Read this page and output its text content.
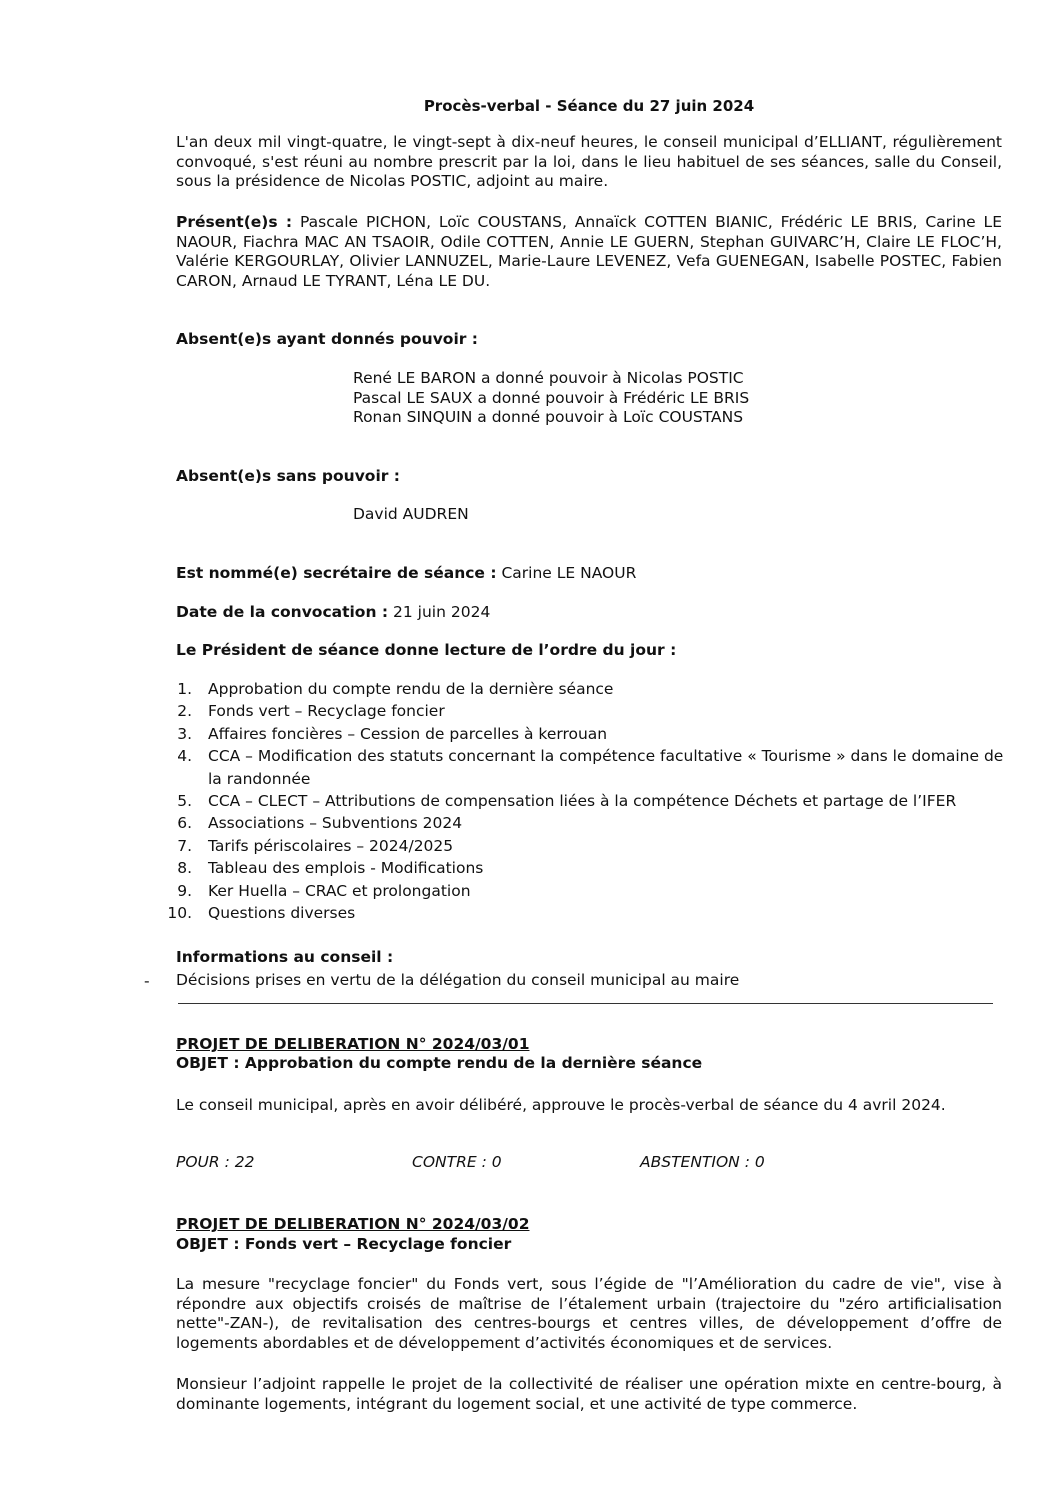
Procès-verbal - Séance du 27 juin 2024
L'an deux mil vingt-quatre, le vingt-sept à dix-neuf heures, le conseil municipal d’ELLIANT, régulièrement convoqué, s'est réuni au nombre prescrit par la loi, dans le lieu habituel de ses séances, salle du Conseil, sous la présidence de Nicolas POSTIC, adjoint au maire.
Présent(e)s : Pascale PICHON, Loïc COUSTANS, Annaïck COTTEN BIANIC, Frédéric LE BRIS, Carine LE NAOUR, Fiachra MAC AN TSAOIR, Odile COTTEN, Annie LE GUERN, Stephan GUIVARC’H, Claire LE FLOC’H, Valérie KERGOURLAY, Olivier LANNUZEL, Marie-Laure LEVENEZ, Vefa GUENEGAN, Isabelle POSTEC, Fabien CARON, Arnaud LE TYRANT, Léna LE DU.
Absent(e)s ayant donnés pouvoir :
René LE BARON a donné pouvoir à Nicolas POSTIC
Pascal LE SAUX a donné pouvoir à Frédéric LE BRIS
Ronan SINQUIN a donné pouvoir à Loïc COUSTANS
Absent(e)s sans pouvoir :
David AUDREN
Est nommé(e) secrétaire de séance : Carine LE NAOUR
Date de la convocation : 21 juin 2024
Le Président de séance donne lecture de l’ordre du jour :
1. Approbation du compte rendu de la dernière séance
2. Fonds vert – Recyclage foncier
3. Affaires foncières – Cession de parcelles à kerrouan
4. CCA – Modification des statuts concernant la compétence facultative « Tourisme » dans le domaine de la randonnée
5. CCA – CLECT – Attributions de compensation liées à la compétence Déchets et partage de l’IFER
6. Associations – Subventions 2024
7. Tarifs périscolaires – 2024/2025
8. Tableau des emplois - Modifications
9. Ker Huella – CRAC et prolongation
10. Questions diverses
Informations au conseil :
- Décisions prises en vertu de la délégation du conseil municipal au maire
PROJET DE DELIBERATION N° 2024/03/01
OBJET : Approbation du compte rendu de la dernière séance
Le conseil municipal, après en avoir délibéré, approuve le procès-verbal de séance du 4 avril 2024.
POUR : 22	CONTRE : 0	ABSTENTION : 0
PROJET DE DELIBERATION N° 2024/03/02
OBJET : Fonds vert – Recyclage foncier
La mesure "recyclage foncier" du Fonds vert, sous l’égide de "l’Amélioration du cadre de vie", vise à répondre aux objectifs croisés de maîtrise de l’étalement urbain (trajectoire du "zéro artificialisation nette"-ZAN-), de revitalisation des centres-bourgs et centres villes, de développement d’offre de logements abordables et de développement d’activités économiques et de services.
Monsieur l’adjoint rappelle le projet de la collectivité de réaliser une opération mixte en centre-bourg, à dominante logements, intégrant du logement social, et une activité de type commerce.
